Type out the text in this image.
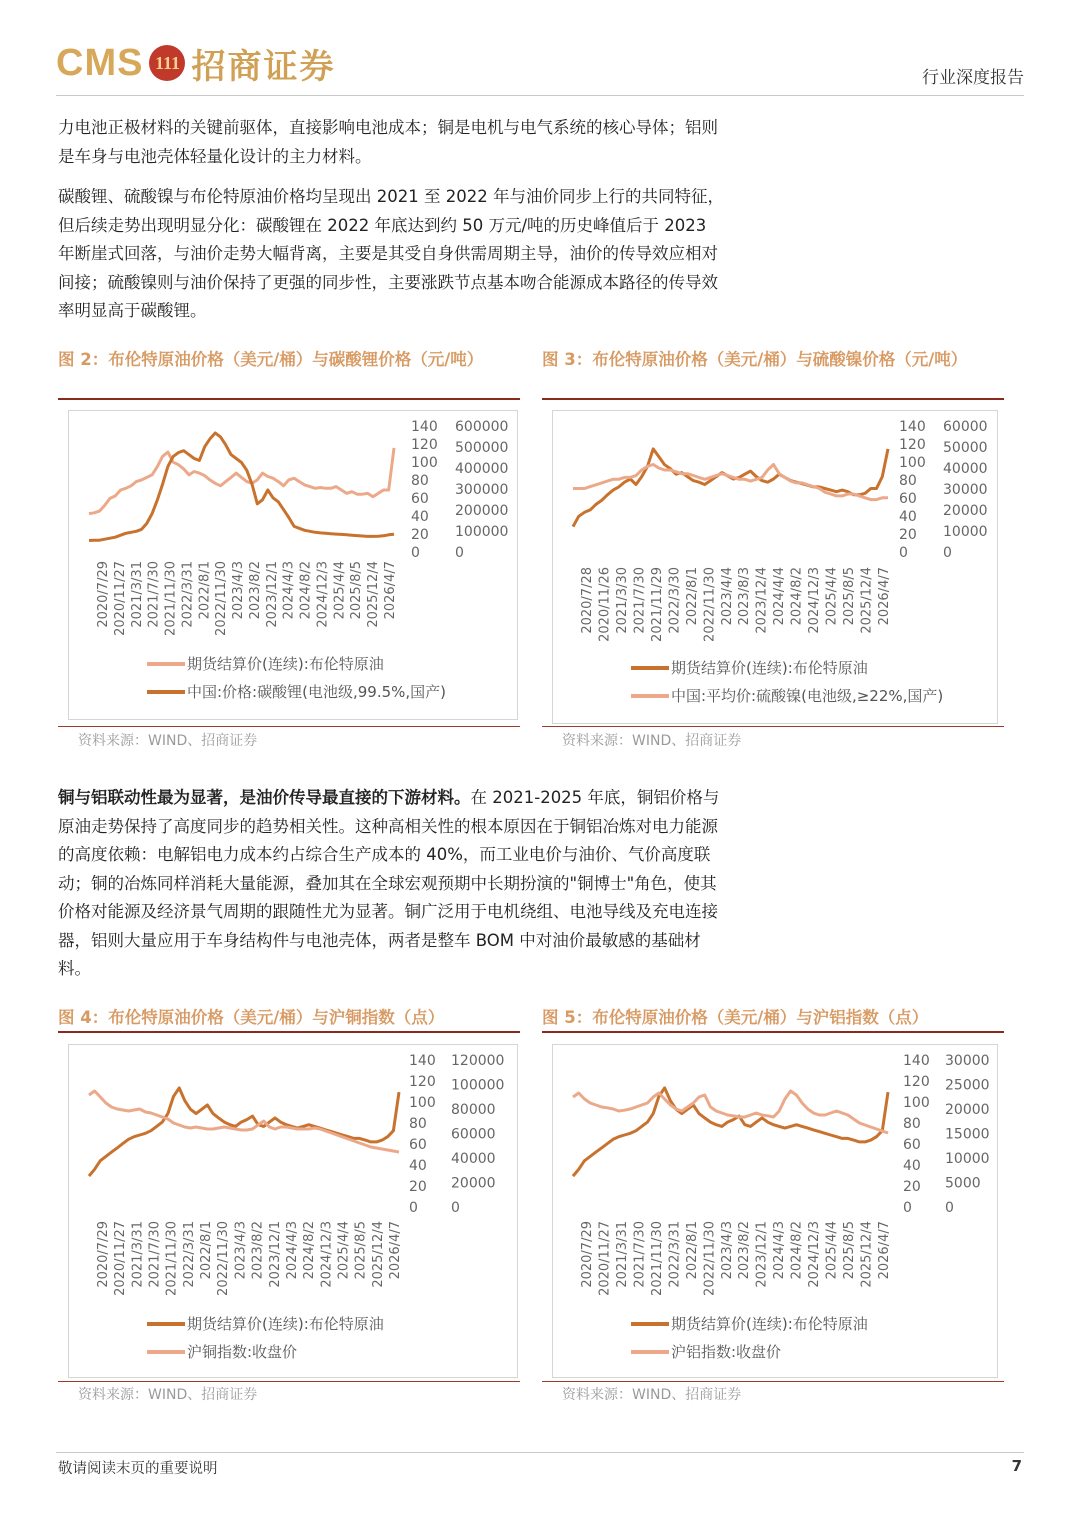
CMS 111 招商证券	行业深度报告
力电池正极材料的关键前驱体，直接影响电池成本；铜是电机与电气系统的核心导体；铝则是车身与电池壳体轻量化设计的主力材料。
碳酸锂、硫酸镍与布伦特原油价格均呈现出 2021 至 2022 年与油价同步上行的共同特征，但后续走势出现明显分化：碳酸锂在 2022 年底达到约 50 万元/吨的历史峰值后于 2023 年断崖式回落，与油价走势大幅背离，主要是其受自身供需周期主导，油价的传导效应相对间接；硫酸镍则与油价保持了更强的同步性，主要涨跌节点基本吻合能源成本路径的传导效率明显高于碳酸锂。
图 2：布伦特原油价格（美元/桶）与碳酸锂价格（元/吨）
140
120
100
80
60
40
20
0
600000
500000
400000
300000
200000
100000
0
2020/7/29 2020/11/27 2021/3/31 2021/7/30 2021/11/30 2022/3/31 2022/8/1 2022/11/30 2023/4/3 2023/8/2 2023/12/1 2024/4/3 2024/8/2 2024/12/3 2025/4/4 2025/8/5 2025/12/4 2026/4/7
期货结算价(连续):布伦特原油
中国:价格:碳酸锂(电池级,99.5%,国产)
资料来源：WIND、招商证券
图 3：布伦特原油价格（美元/桶）与硫酸镍价格（元/吨）
140
120
100
80
60
40
20
0
60000
50000
40000
30000
20000
10000
0
2020/7/28 2020/11/26 2021/3/30 2021/7/30 2021/11/29 2022/3/30 2022/8/1 2022/11/30 2023/4/4 2023/8/3 2023/12/4 2024/4/4 2024/8/2 2024/12/3 2025/4/4 2025/8/5 2025/12/4 2026/4/7
期货结算价(连续):布伦特原油
中国:平均价:硫酸镍(电池级,≥22%,国产)
资料来源：WIND、招商证券
铜与铝联动性最为显著，是油价传导最直接的下游材料。在 2021-2025 年底，铜铝价格与原油走势保持了高度同步的趋势相关性。这种高相关性的根本原因在于铜铝冶炼对电力能源的高度依赖：电解铝电力成本约占综合生产成本的 40%，而工业电价与油价、气价高度联动；铜的冶炼同样消耗大量能源，叠加其在全球宏观预期中长期扮演的"铜博士"角色，使其价格对能源及经济景气周期的跟随性尤为显著。铜广泛用于电机绕组、电池导线及充电连接器，铝则大量应用于车身结构件与电池壳体，两者是整车 BOM 中对油价最敏感的基础材料。
图 4：布伦特原油价格（美元/桶）与沪铜指数（点）
140
120
100
80
60
40
20
0
120000
100000
80000
60000
40000
20000
0
2020/7/29 2020/11/27 2021/3/31 2021/7/30 2021/11/30 2022/3/31 2022/8/1 2022/11/30 2023/4/3 2023/8/2 2023/12/1 2024/4/3 2024/8/2 2024/12/3 2025/4/4 2025/8/5 2025/12/4 2026/4/7
期货结算价(连续):布伦特原油
沪铜指数:收盘价
资料来源：WIND、招商证券
图 5：布伦特原油价格（美元/桶）与沪铝指数（点）
140
120
100
80
60
40
20
0
30000
25000
20000
15000
10000
5000
0
2020/7/29 2020/11/27 2021/3/31 2021/7/30 2021/11/30 2022/3/31 2022/8/1 2022/11/30 2023/4/3 2023/8/2 2023/12/1 2024/4/3 2024/8/2 2024/12/3 2025/4/4 2025/8/5 2025/12/4 2026/4/7
期货结算价(连续):布伦特原油
沪铝指数:收盘价
资料来源：WIND、招商证券
敬请阅读末页的重要说明	7
